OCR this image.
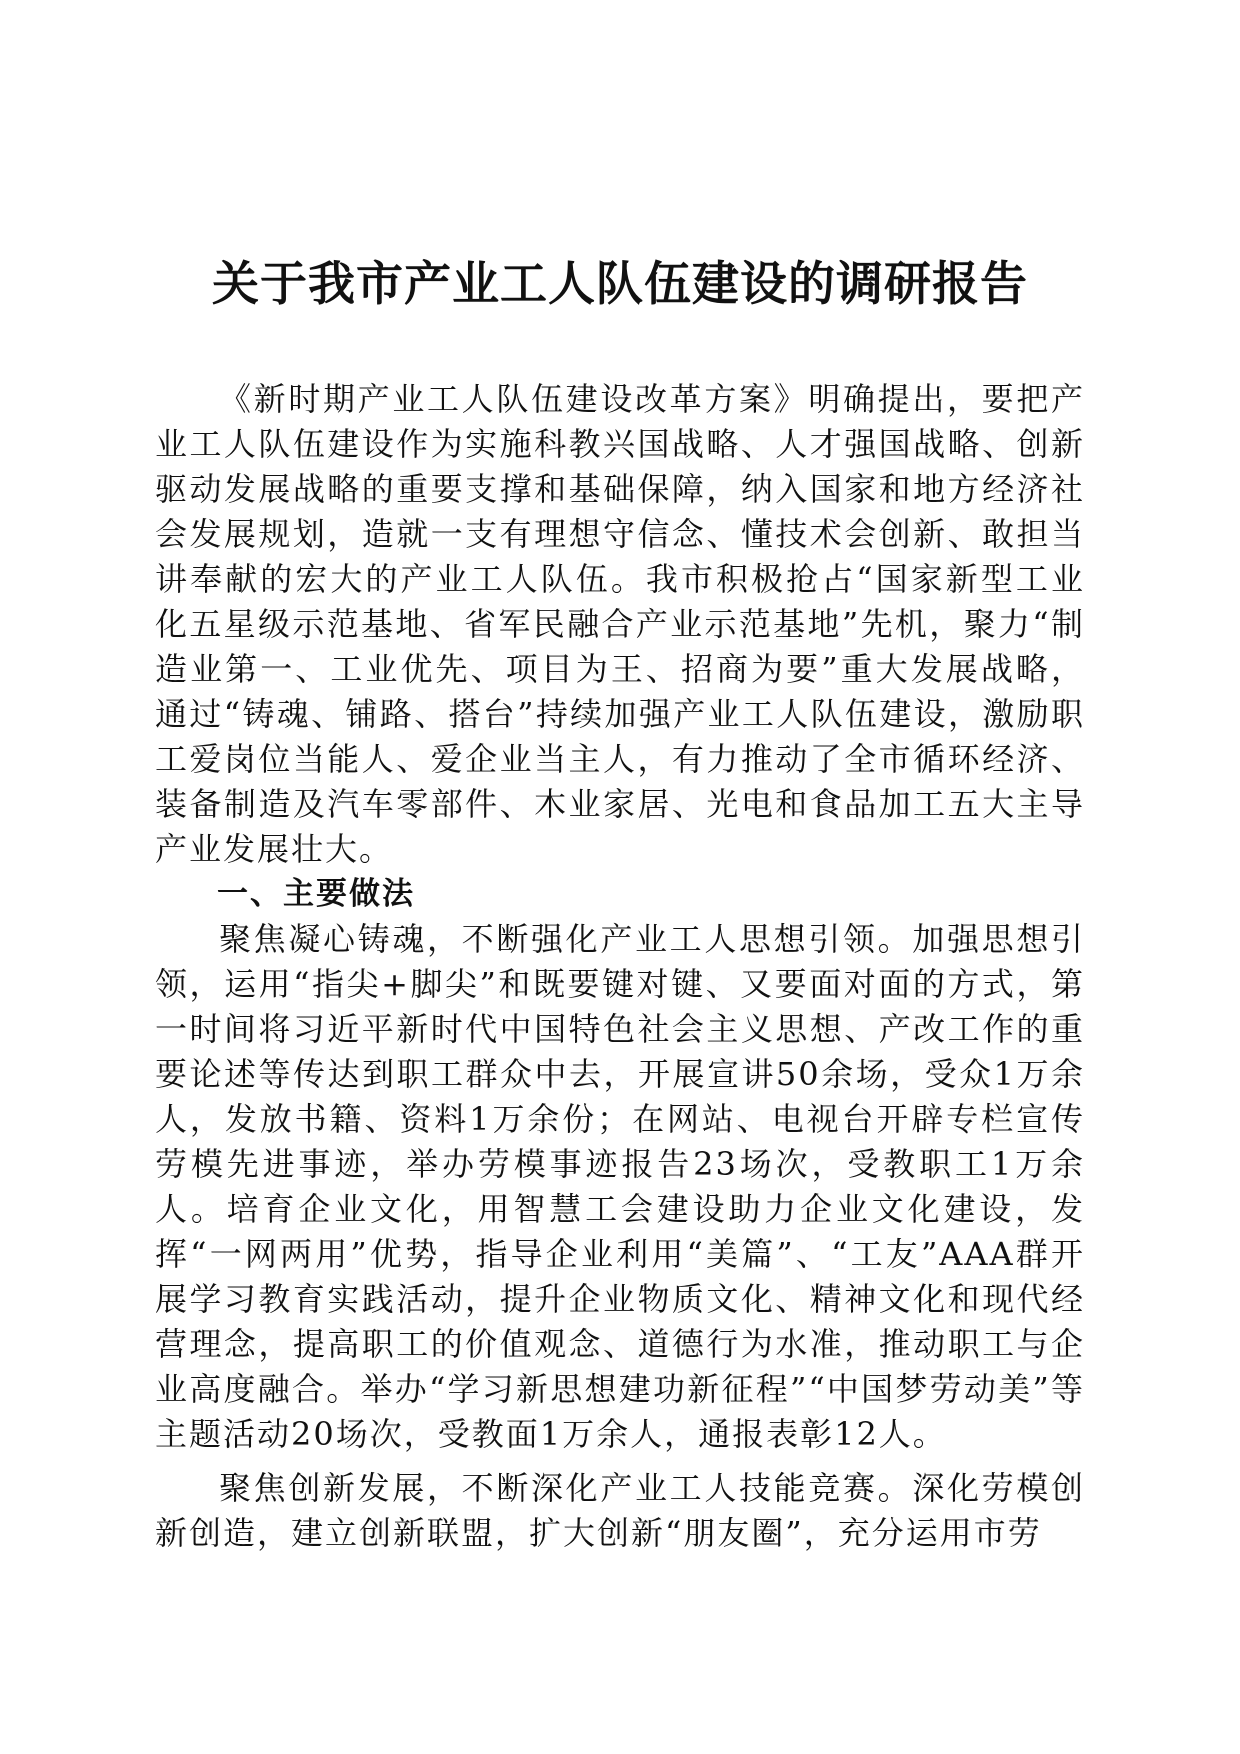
关于我市产业工人队伍建设的调研报告

《新时期产业工人队伍建设改革方案》明确提出，要把产业工人队伍建设作为实施科教兴国战略、人才强国战略、创新驱动发展战略的重要支撑和基础保障，纳入国家和地方经济社会发展规划，造就一支有理想守信念、懂技术会创新、敢担当讲奉献的宏大的产业工人队伍。我市积极抢占“国家新型工业化五星级示范基地、省军民融合产业示范基地”先机，聚力“制造业第一、工业优先、项目为王、招商为要”重大发展战略，通过“铸魂、铺路、搭台”持续加强产业工人队伍建设，激励职工爱岗位当能人、爱企业当主人，有力推动了全市循环经济、装备制造及汽车零部件、木业家居、光电和食品加工五大主导产业发展壮大。

一、主要做法

聚焦凝心铸魂，不断强化产业工人思想引领。加强思想引领，运用“指尖+脚尖”和既要键对键、又要面对面的方式，第一时间将习近平新时代中国特色社会主义思想、产改工作的重要论述等传达到职工群众中去，开展宣讲50余场，受众1万余人，发放书籍、资料1万余份；在网站、电视台开辟专栏宣传劳模先进事迹，举办劳模事迹报告23场次，受教职工1万余人。培育企业文化，用智慧工会建设助力企业文化建设，发挥“一网两用”优势，指导企业利用“美篇”、“工友”AAA群开展学习教育实践活动，提升企业物质文化、精神文化和现代经营理念，提高职工的价值观念、道德行为水准，推动职工与企业高度融合。举办“学习新思想建功新征程”“中国梦劳动美”等主题活动20场次，受教面1万余人，通报表彰12人。

聚焦创新发展，不断深化产业工人技能竞赛。深化劳模创新创造，建立创新联盟，扩大创新“朋友圈”，充分运用市劳
